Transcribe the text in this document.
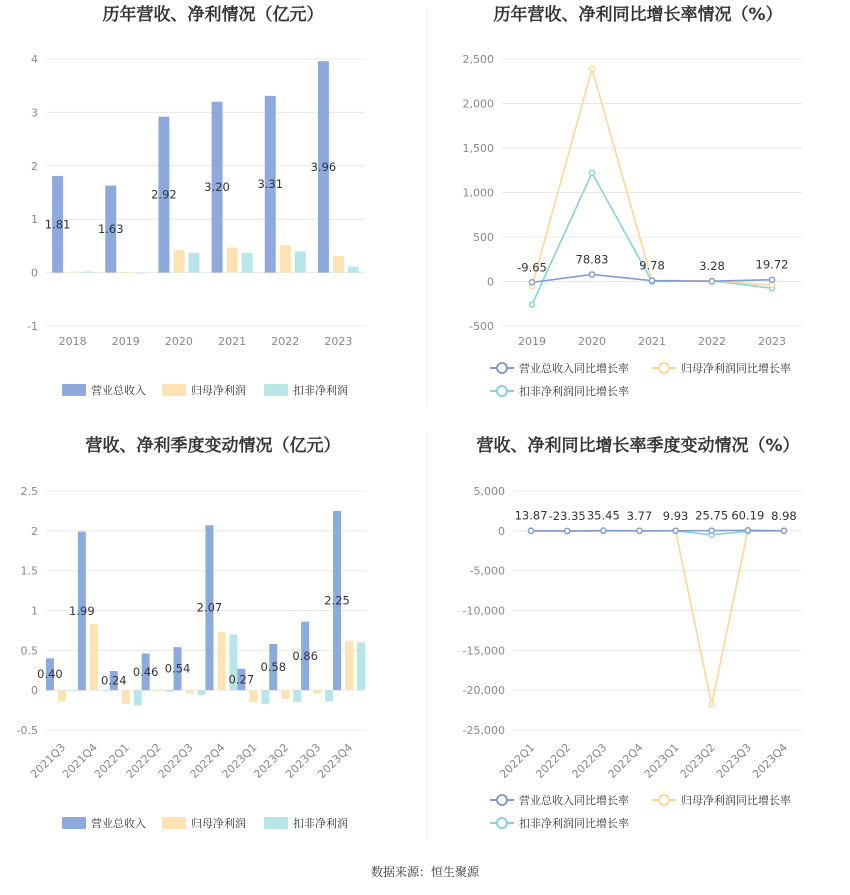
数据来源：恒生聚源
历年营收、净利情况（亿元）
-1
0
1
2
3
4
2018 2019 2020 2021 2022 2023
1.81 1.63
2.92
3.20 3.31
3.96
营业总收入	归母净利润	扣非净利润
历年营收、净利同比增长率情况（%）
-500
0
500
1,000
1,500
2,000
2,500
2019	2020	2021	2022	2023
-9.65
78.83	9.78	3.28	19.72
营业总收入同比增长率	归母净利润同比增长率
扣非净利润同比增长率
营收、净利季度变动情况（亿元）
-0.5
0
0.5
1
1.5
2
2.5
2021Q3
2021Q4
2022Q1
2022Q2
2022Q3
2022Q4
2023Q1
2023Q2
2023Q3
2023Q4
0.40
1.99
0.24
0.46 0.54
2.07
0.27
0.58
0.86
2.25
营业总收入	归母净利润	扣非净利润
营收、净利同比增长率季度变动情况（%）
-25,000
-20,000
-15,000
-10,000
-5,000
0
5,000
2022Q1
2022Q2
2022Q3
2022Q4
2023Q1
2023Q2
2023Q3
2023Q4
13.87 -23.35 35.45 3.77 9.93 25.75 60.19 8.98
营业总收入同比增长率	归母净利润同比增长率
扣非净利润同比增长率
